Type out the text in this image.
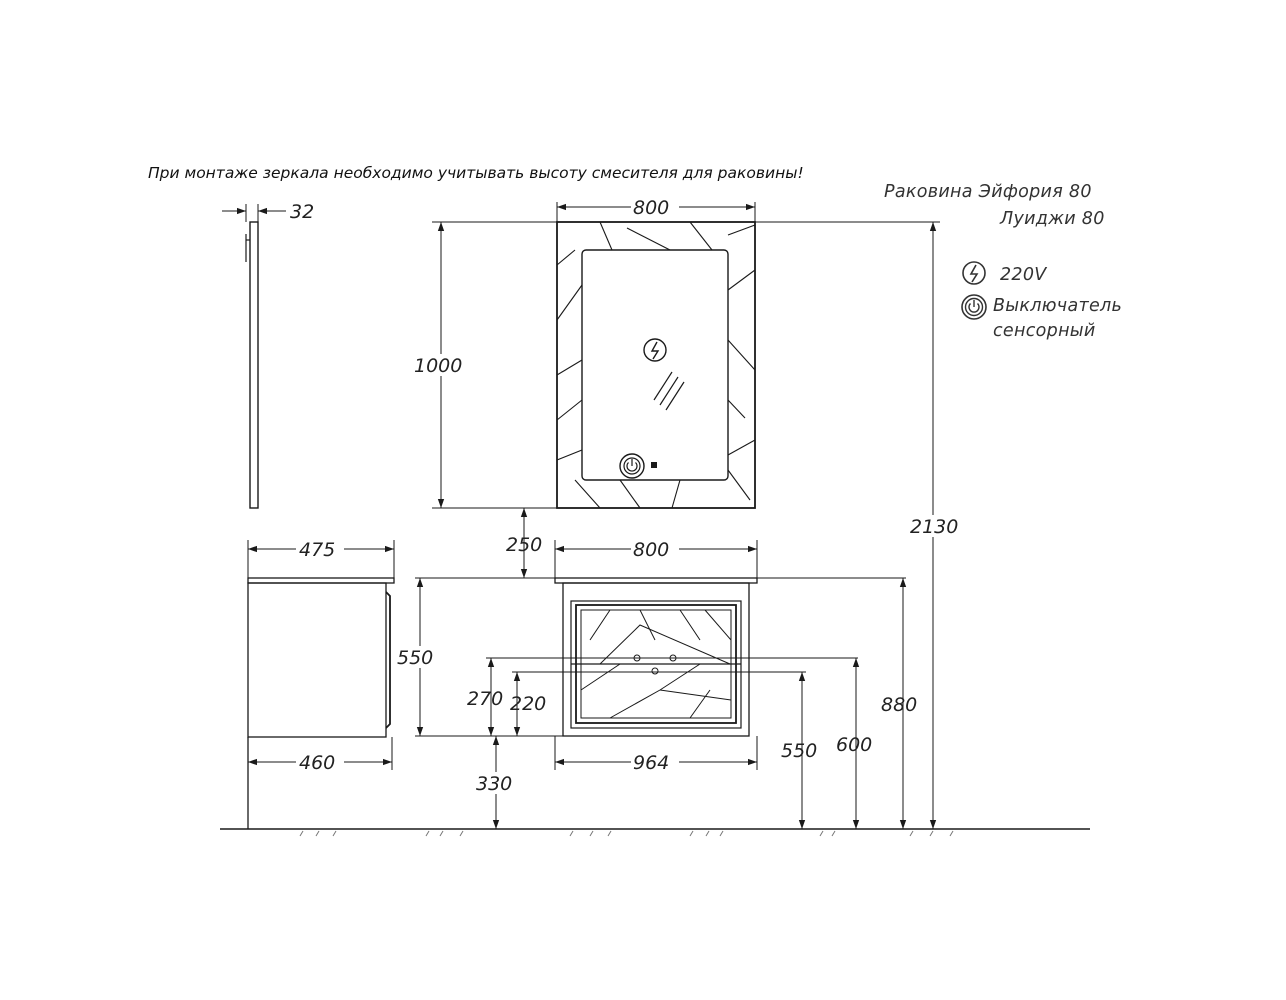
При монтаже зеркала необходимо учитывать высоту смесителя для раковины!
Раковина Эйфория 80
Луиджи 80
220V
Выключатель
сенсорный
32
475
460
800
1000
2130
800
964
250
550
270 220
330
550 600
880
